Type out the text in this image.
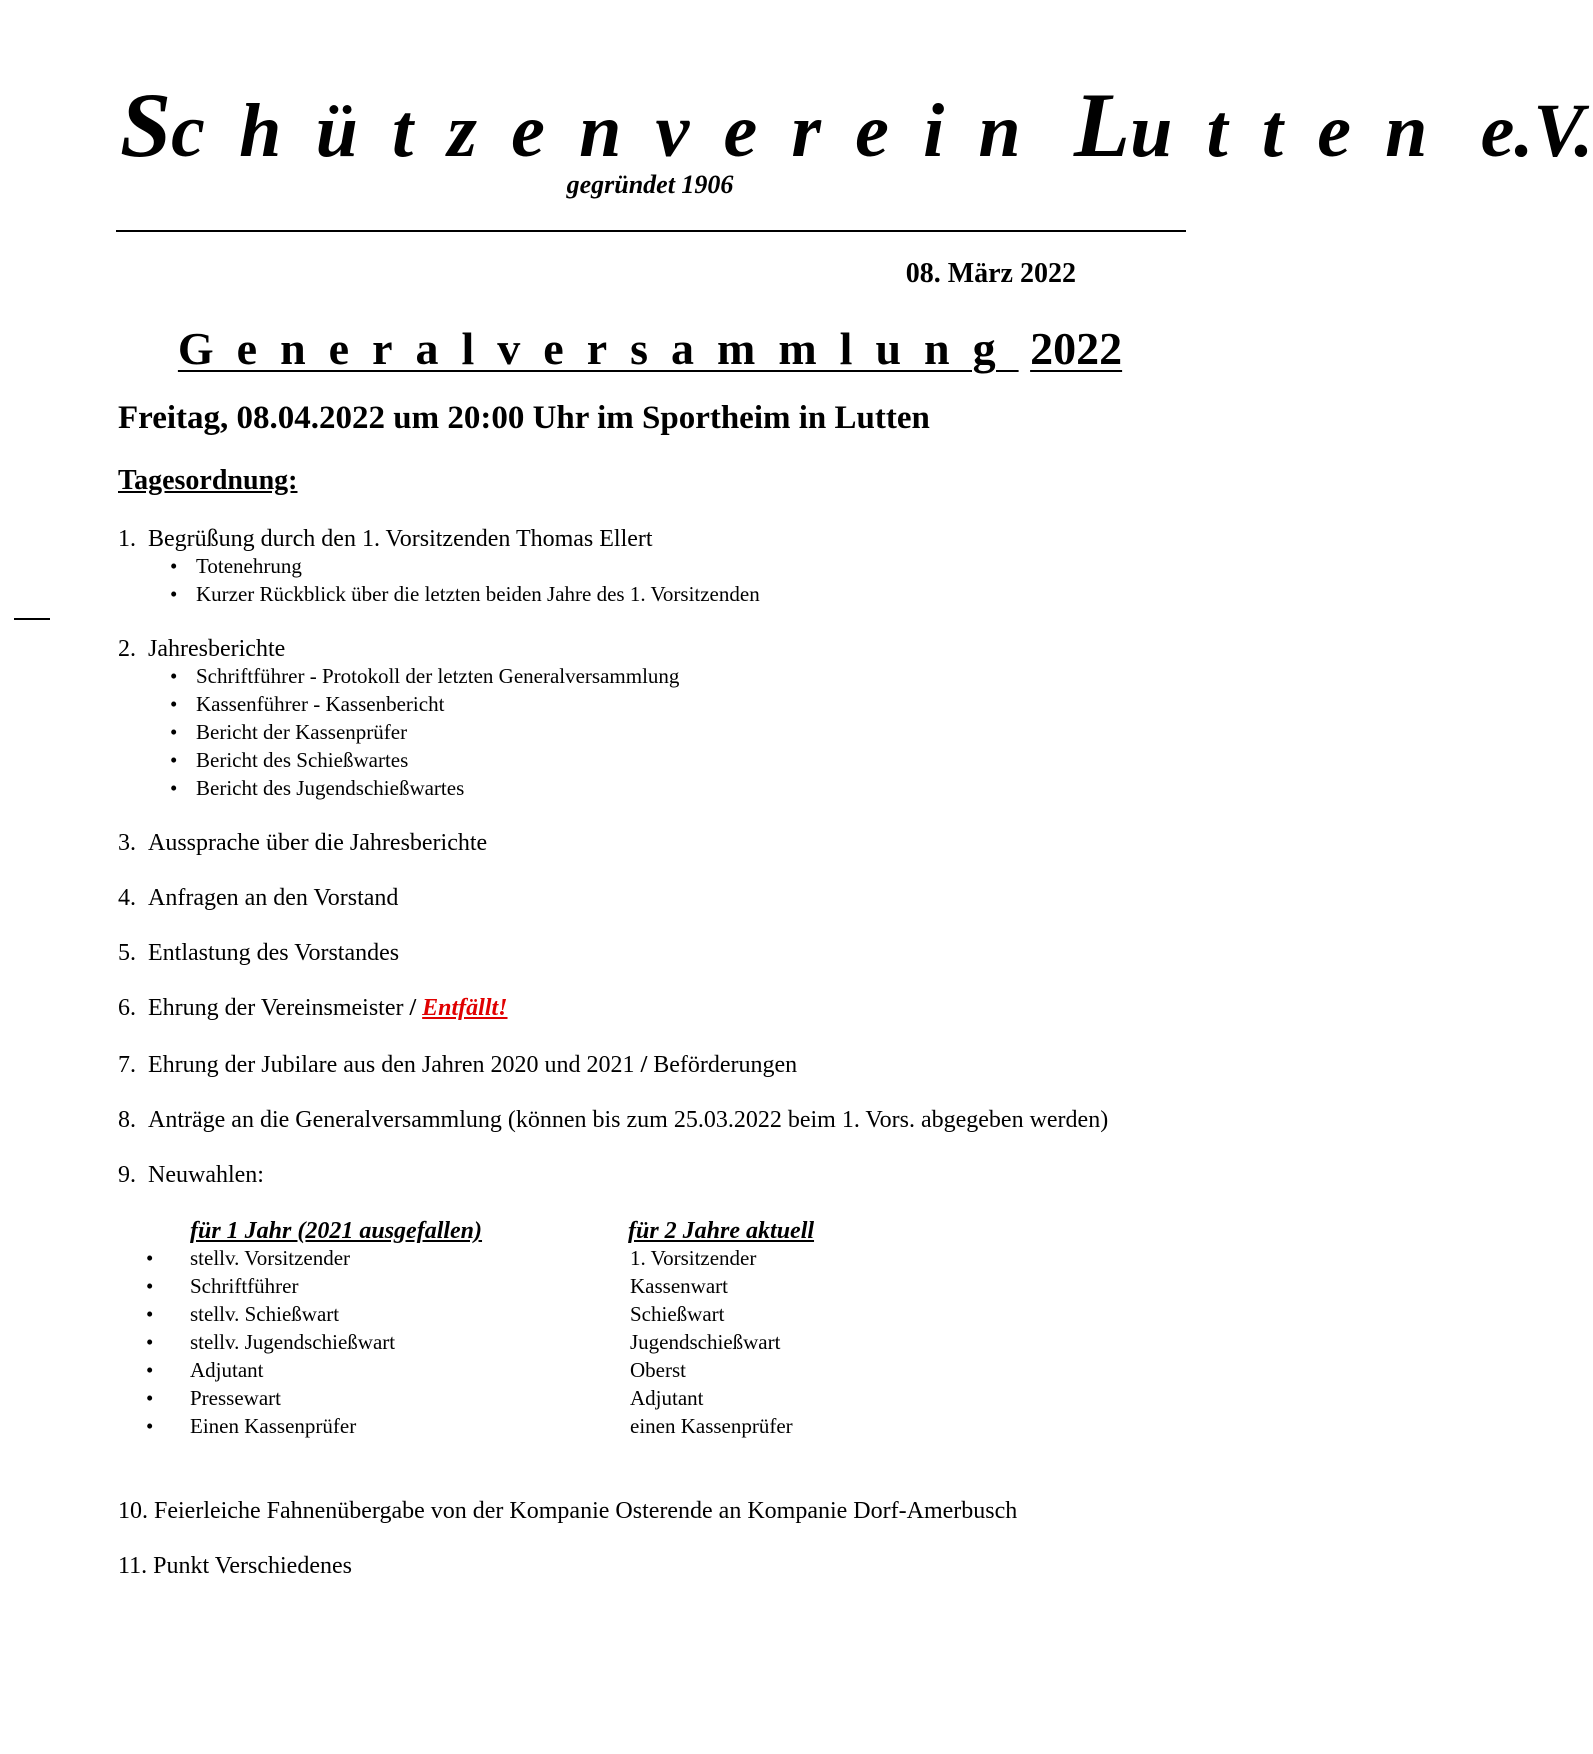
Schützenverein Lutten e.V.
gegründet 1906
08. März 2022
Generalversammlung 2022
Freitag, 08.04.2022 um 20:00 Uhr im Sportheim in Lutten
Tagesordnung:
1. Begrüßung durch den 1. Vorsitzenden Thomas Ellert
• Totenehrung
• Kurzer Rückblick über die letzten beiden Jahre des 1. Vorsitzenden
2. Jahresberichte
• Schriftführer - Protokoll der letzten Generalversammlung
• Kassenführer - Kassenbericht
• Bericht der Kassenprüfer
• Bericht des Schießwartes
• Bericht des Jugendschießwartes
3. Aussprache über die Jahresberichte
4. Anfragen an den Vorstand
5. Entlastung des Vorstandes
6. Ehrung der Vereinsmeister / Entfällt!
7. Ehrung der Jubilare aus den Jahren 2020 und 2021 / Beförderungen
8. Anträge an die Generalversammlung (können bis zum 25.03.2022 beim 1. Vors. abgegeben werden)
9. Neuwahlen:
für 1 Jahr (2021 ausgefallen)	für 2 Jahre aktuell
•
•
•
•
•
•
•
stellv. Vorsitzender
Schriftführer
stellv. Schießwart
stellv. Jugendschießwart
Adjutant
Pressewart
Einen Kassenprüfer
1. Vorsitzender
Kassenwart
Schießwart
Jugendschießwart
Oberst
Adjutant
einen Kassenprüfer
10. Feierleiche Fahnenübergabe von der Kompanie Osterende an Kompanie Dorf-Amerbusch
11. Punkt Verschiedenes
